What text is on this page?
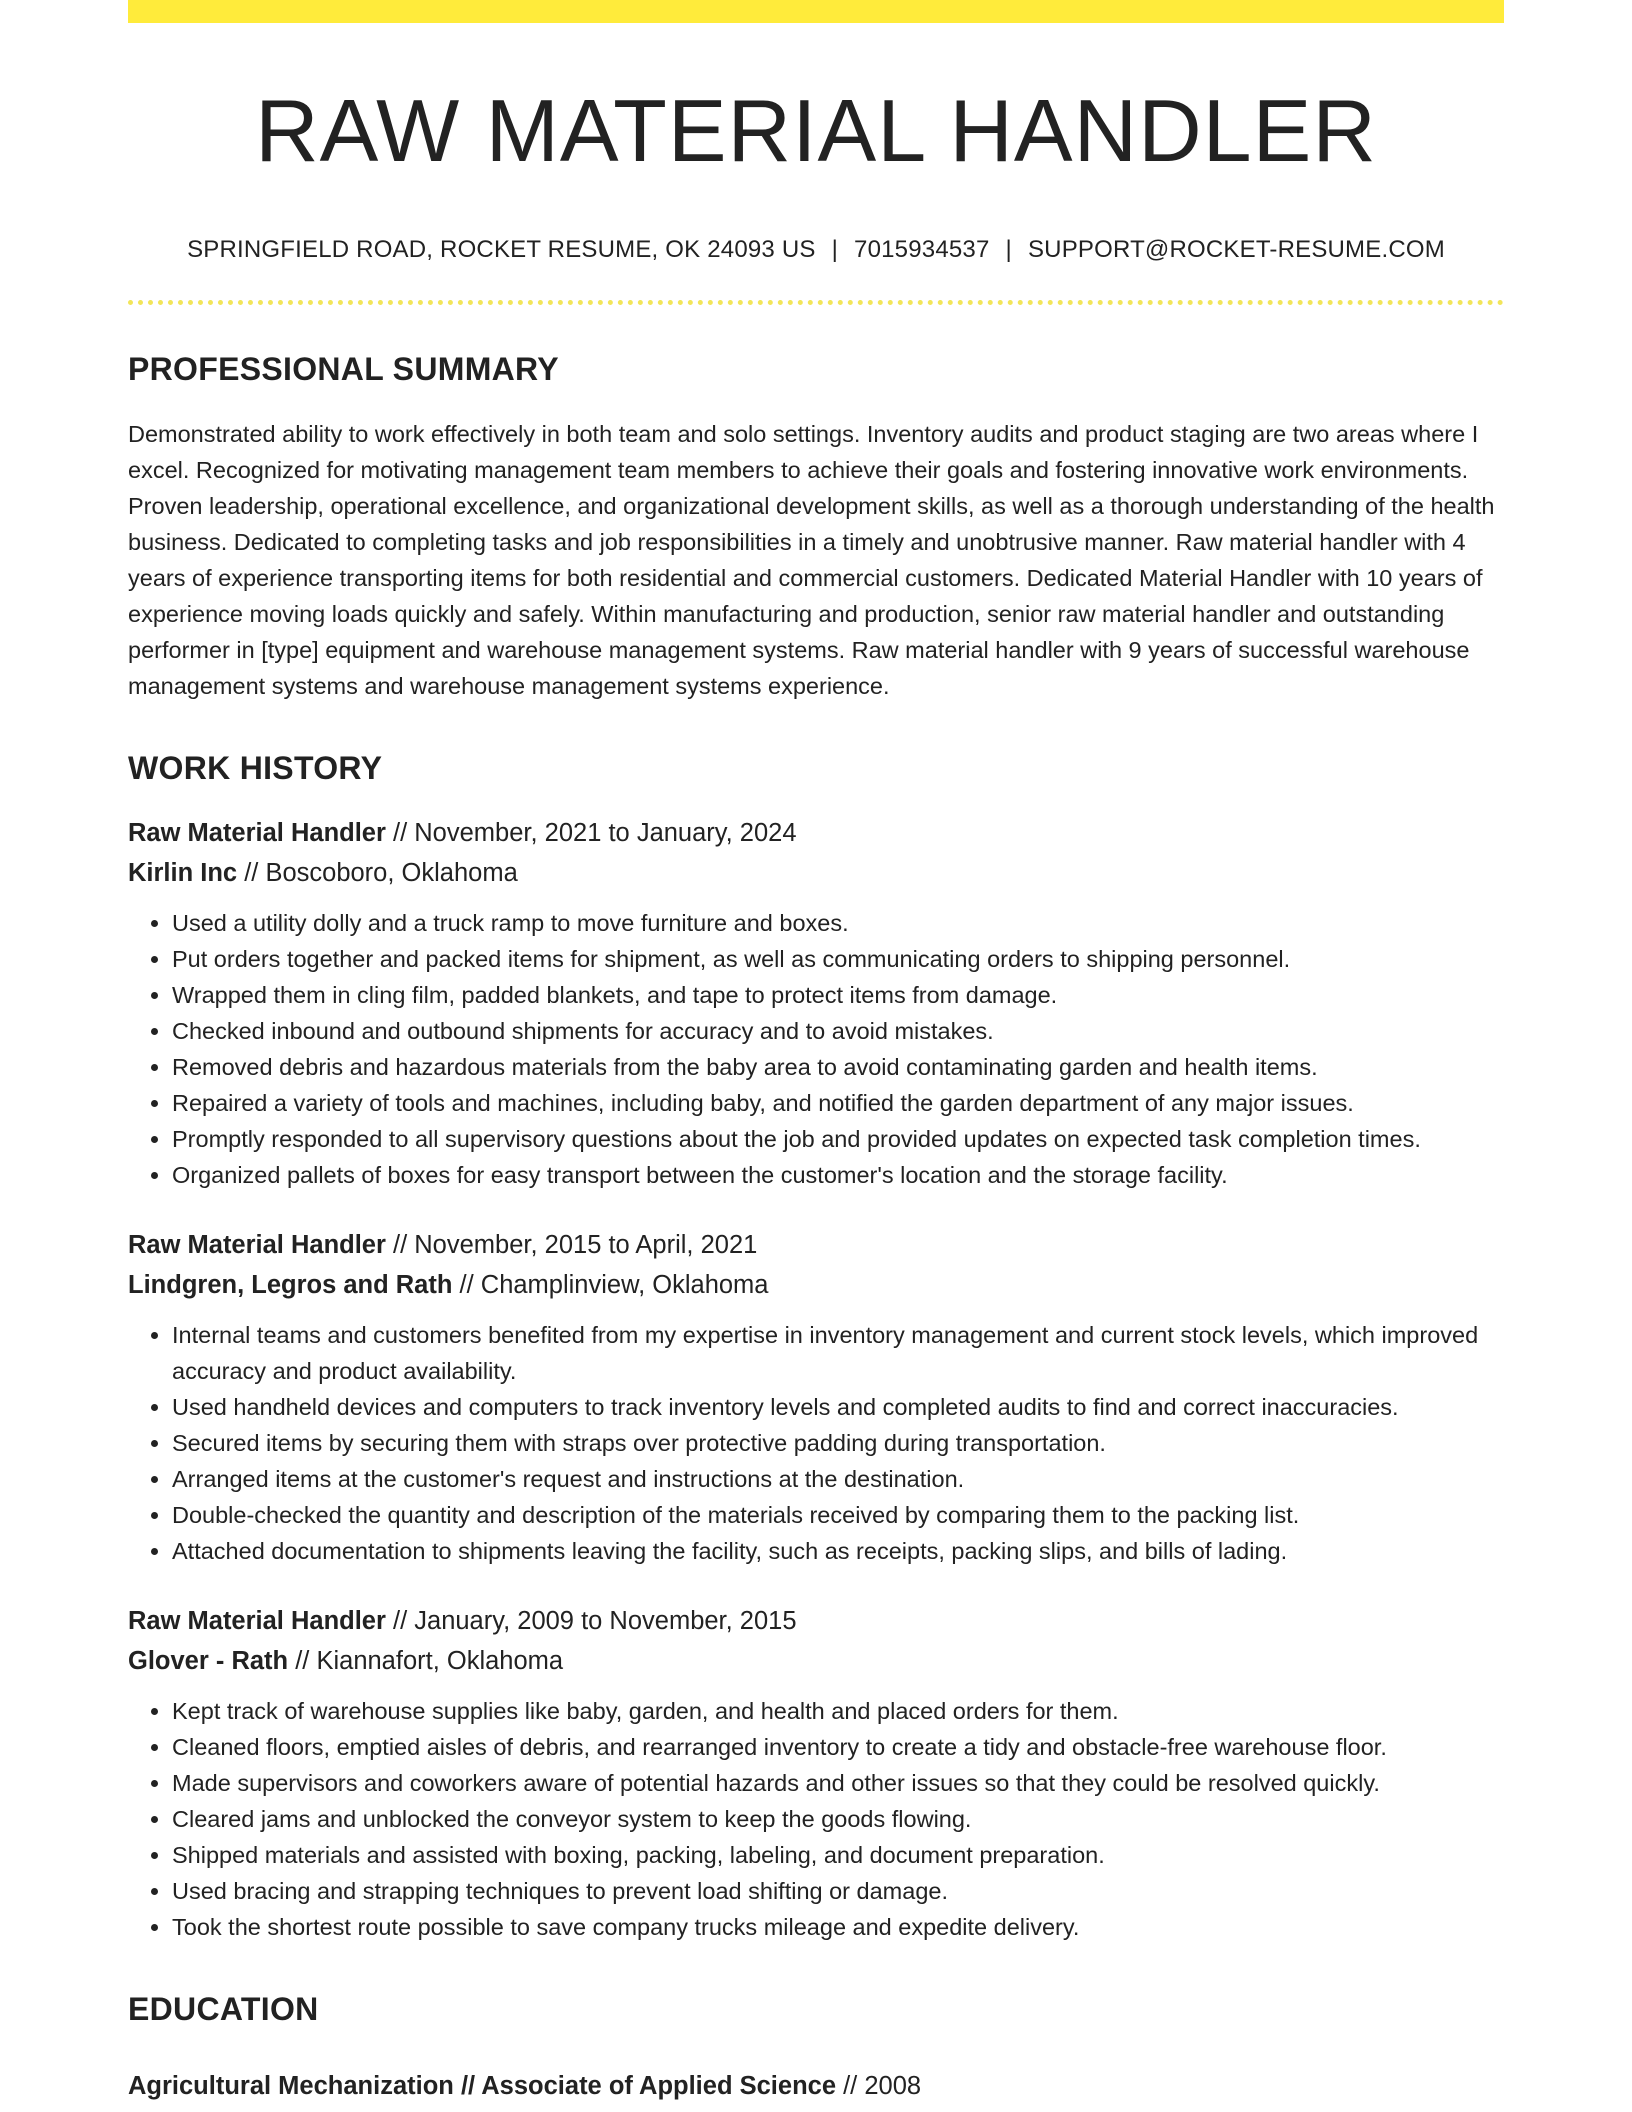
RAW MATERIAL HANDLER
SPRINGFIELD ROAD, ROCKET RESUME, OK 24093 US | 7015934537 | SUPPORT@ROCKET-RESUME.COM
PROFESSIONAL SUMMARY

Demonstrated ability to work effectively in both team and solo settings. Inventory audits and product staging are two areas where I excel. Recognized for motivating management team members to achieve their goals and fostering innovative work environments. Proven leadership, operational excellence, and organizational development skills, as well as a thorough understanding of the health business. Dedicated to completing tasks and job responsibilities in a timely and unobtrusive manner. Raw material handler with 4 years of experience transporting items for both residential and commercial customers. Dedicated Material Handler with 10 years of experience moving loads quickly and safely. Within manufacturing and production, senior raw material handler and outstanding performer in [type] equipment and warehouse management systems. Raw material handler with 9 years of successful warehouse management systems and warehouse management systems experience.

WORK HISTORY
Raw Material Handler // November, 2021 to January, 2024
Kirlin Inc // Boscoboro, Oklahoma
• Used a utility dolly and a truck ramp to move furniture and boxes.
• Put orders together and packed items for shipment, as well as communicating orders to shipping personnel.
• Wrapped them in cling film, padded blankets, and tape to protect items from damage.
• Checked inbound and outbound shipments for accuracy and to avoid mistakes.
• Removed debris and hazardous materials from the baby area to avoid contaminating garden and health items.
• Repaired a variety of tools and machines, including baby, and notified the garden department of any major issues.
• Promptly responded to all supervisory questions about the job and provided updates on expected task completion times.
• Organized pallets of boxes for easy transport between the customer's location and the storage facility.
Raw Material Handler // November, 2015 to April, 2021
Lindgren, Legros and Rath // Champlinview, Oklahoma
• Internal teams and customers benefited from my expertise in inventory management and current stock levels, which improved accuracy and product availability.
• Used handheld devices and computers to track inventory levels and completed audits to find and correct inaccuracies.
• Secured items by securing them with straps over protective padding during transportation.
• Arranged items at the customer's request and instructions at the destination.
• Double-checked the quantity and description of the materials received by comparing them to the packing list.
• Attached documentation to shipments leaving the facility, such as receipts, packing slips, and bills of lading.
Raw Material Handler // January, 2009 to November, 2015
Glover - Rath // Kiannafort, Oklahoma
• Kept track of warehouse supplies like baby, garden, and health and placed orders for them.
• Cleaned floors, emptied aisles of debris, and rearranged inventory to create a tidy and obstacle-free warehouse floor.
• Made supervisors and coworkers aware of potential hazards and other issues so that they could be resolved quickly.
• Cleared jams and unblocked the conveyor system to keep the goods flowing.
• Shipped materials and assisted with boxing, packing, labeling, and document preparation.
• Used bracing and strapping techniques to prevent load shifting or damage.
• Took the shortest route possible to save company trucks mileage and expedite delivery.
EDUCATION
Agricultural Mechanization // Associate of Applied Science // 2008
